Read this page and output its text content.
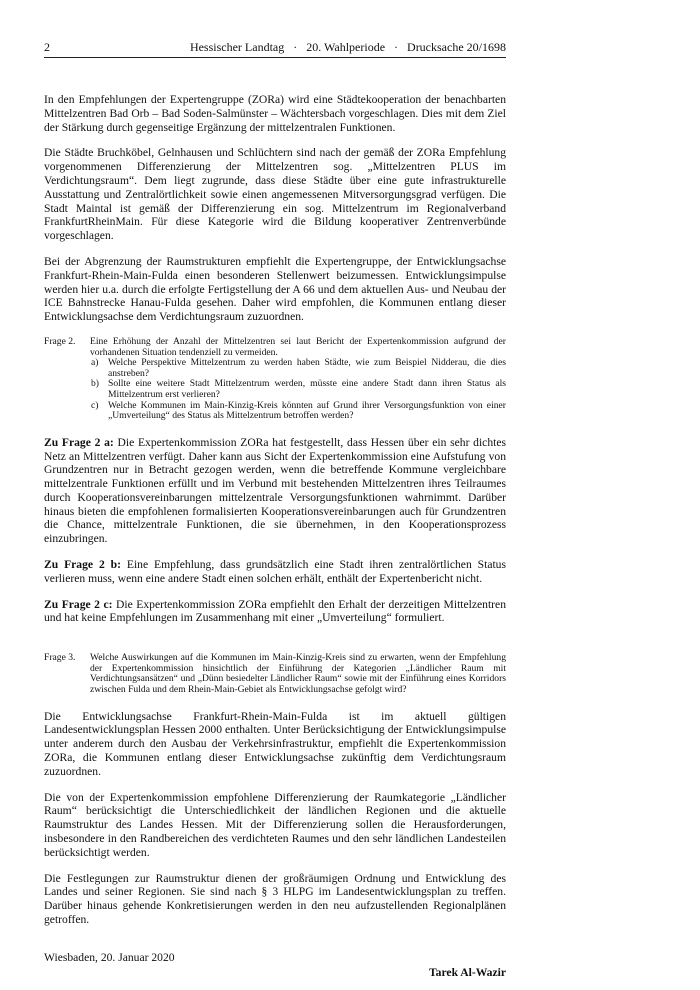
2	Hessischer Landtag   ·   20. Wahlperiode   ·   Drucksache 20/1698

In den Empfehlungen der Expertengruppe (ZORa) wird eine Städtekooperation der benachbarten Mittelzentren Bad Orb – Bad Soden-Salmünster – Wächtersbach vorgeschlagen. Dies mit dem Ziel der Stärkung durch gegenseitige Ergänzung der mittelzentralen Funktionen.

Die Städte Bruchköbel, Gelnhausen und Schlüchtern sind nach der gemäß der ZORa Empfehlung vorgenommenen Differenzierung der Mittelzentren sog. „Mittelzentren PLUS im Verdichtungsraum“. Dem liegt zugrunde, dass diese Städte über eine gute infrastrukturelle Ausstattung und Zentralörtlichkeit sowie einen angemessenen Mitversorgungsgrad verfügen. Die Stadt Maintal ist gemäß der Differenzierung ein sog. Mittelzentrum im Regionalverband FrankfurtRheinMain. Für diese Kategorie wird die Bildung kooperativer Zentrenverbünde vorgeschlagen.

Bei der Abgrenzung der Raumstrukturen empfiehlt die Expertengruppe, der Entwicklungsachse Frankfurt-Rhein-Main-Fulda einen besonderen Stellenwert beizumessen. Entwicklungsimpulse werden hier u.a. durch die erfolgte Fertigstellung der A 66 und dem aktuellen Aus- und Neubau der ICE Bahnstrecke Hanau-Fulda gesehen. Daher wird empfohlen, die Kommunen entlang dieser Entwicklungsachse dem Verdichtungsraum zuzuordnen.

Frage 2.	Eine Erhöhung der Anzahl der Mittelzentren sei laut Bericht der Expertenkommission aufgrund der vorhandenen Situation tendenziell zu vermeiden.
a) Welche Perspektive Mittelzentrum zu werden haben Städte, wie zum Beispiel Nidderau, die dies anstreben?
b) Sollte eine weitere Stadt Mittelzentrum werden, müsste eine andere Stadt dann ihren Status als Mittelzentrum erst verlieren?
c) Welche Kommunen im Main-Kinzig-Kreis könnten auf Grund ihrer Versorgungsfunktion von einer „Umverteilung“ des Status als Mittelzentrum betroffen werden?

Zu Frage 2 a: Die Expertenkommission ZORa hat festgestellt, dass Hessen über ein sehr dichtes Netz an Mittelzentren verfügt. Daher kann aus Sicht der Expertenkommission eine Aufstufung von Grundzentren nur in Betracht gezogen werden, wenn die betreffende Kommune vergleichbare mittelzentrale Funktionen erfüllt und im Verbund mit bestehenden Mittelzentren ihres Teilraumes durch Kooperationsvereinbarungen mittelzentrale Versorgungsfunktionen wahrnimmt. Darüber hinaus bieten die empfohlenen formalisierten Kooperationsvereinbarungen auch für Grundzentren die Chance, mittelzentrale Funktionen, die sie übernehmen, in den Kooperationsprozess einzubringen.

Zu Frage 2 b: Eine Empfehlung, dass grundsätzlich eine Stadt ihren zentralörtlichen Status verlieren muss, wenn eine andere Stadt einen solchen erhält, enthält der Expertenbericht nicht.

Zu Frage 2 c: Die Expertenkommission ZORa empfiehlt den Erhalt der derzeitigen Mittelzentren und hat keine Empfehlungen im Zusammenhang mit einer „Umverteilung“ formuliert.

Frage 3.	Welche Auswirkungen auf die Kommunen im Main-Kinzig-Kreis sind zu erwarten, wenn der Empfehlung der Expertenkommission hinsichtlich der Einführung der Kategorien „Ländlicher Raum mit Verdichtungsansätzen“ und „Dünn besiedelter Ländlicher Raum“ sowie mit der Einführung eines Korridors zwischen Fulda und dem Rhein-Main-Gebiet als Entwicklungsachse gefolgt wird?

Die Entwicklungsachse Frankfurt-Rhein-Main-Fulda ist im aktuell gültigen Landesentwicklungsplan Hessen 2000 enthalten. Unter Berücksichtigung der Entwicklungsimpulse unter anderem durch den Ausbau der Verkehrsinfrastruktur, empfiehlt die Expertenkommission ZORa, die Kommunen entlang dieser Entwicklungsachse zukünftig dem Verdichtungsraum zuzuordnen.

Die von der Expertenkommission empfohlene Differenzierung der Raumkategorie „Ländlicher Raum“ berücksichtigt die Unterschiedlichkeit der ländlichen Regionen und die aktuelle Raumstruktur des Landes Hessen. Mit der Differenzierung sollen die Herausforderungen, insbesondere in den Randbereichen des verdichteten Raumes und den sehr ländlichen Landesteilen berücksichtigt werden.

Die Festlegungen zur Raumstruktur dienen der großräumigen Ordnung und Entwicklung des Landes und seiner Regionen. Sie sind nach § 3 HLPG im Landesentwicklungsplan zu treffen. Darüber hinaus gehende Konkretisierungen werden in den neu aufzustellenden Regionalplänen getroffen.

Wiesbaden, 20. Januar 2020
Tarek Al-Wazir
